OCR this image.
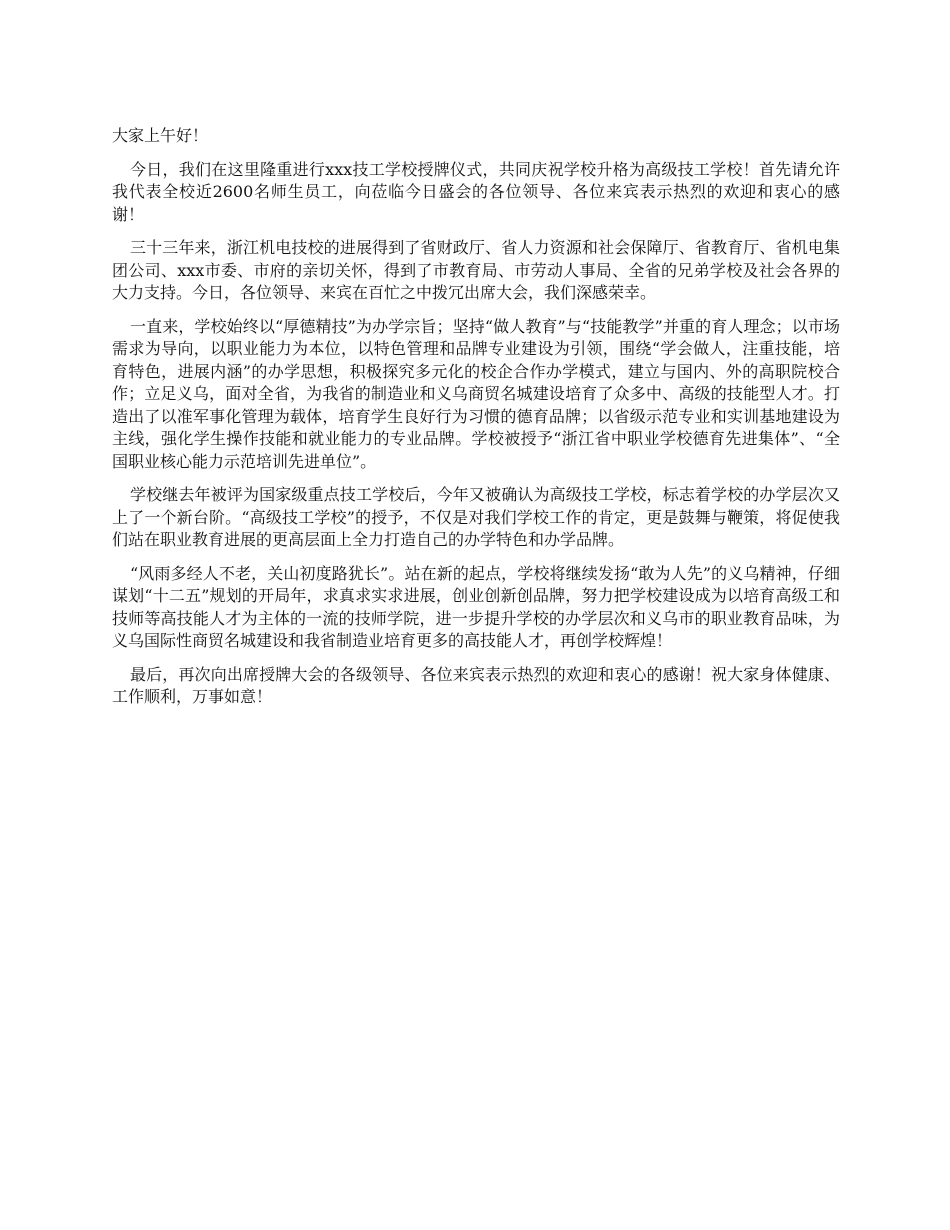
大家上午好！

今日，我们在这里隆重进行xxx技工学校授牌仪式，共同庆祝学校升格为高级技工学校！首先请允许我代表全校近2600名师生员工，向莅临今日盛会的各位领导、各位来宾表示热烈的欢迎和衷心的感谢！

三十三年来，浙江机电技校的进展得到了省财政厅、省人力资源和社会保障厅、省教育厅、省机电集团公司、xxx市委、市府的亲切关怀，得到了市教育局、市劳动人事局、全省的兄弟学校及社会各界的大力支持。今日，各位领导、来宾在百忙之中拨冗出席大会，我们深感荣幸。

一直来，学校始终以“厚德精技”为办学宗旨；坚持“做人教育”与“技能教学”并重的育人理念；以市场需求为导向，以职业能力为本位，以特色管理和品牌专业建设为引领，围绕“学会做人，注重技能，培育特色，进展内涵”的办学思想，积极探究多元化的校企合作办学模式，建立与国内、外的高职院校合作；立足义乌，面对全省，为我省的制造业和义乌商贸名城建设培育了众多中、高级的技能型人才。打造出了以准军事化管理为载体，培育学生良好行为习惯的德育品牌；以省级示范专业和实训基地建设为主线，强化学生操作技能和就业能力的专业品牌。学校被授予“浙江省中职业学校德育先进集体”、“全国职业核心能力示范培训先进单位”。

学校继去年被评为国家级重点技工学校后，今年又被确认为高级技工学校，标志着学校的办学层次又上了一个新台阶。“高级技工学校”的授予，不仅是对我们学校工作的肯定，更是鼓舞与鞭策，将促使我们站在职业教育进展的更高层面上全力打造自己的办学特色和办学品牌。

“风雨多经人不老，关山初度路犹长”。站在新的起点，学校将继续发扬“敢为人先”的义乌精神，仔细谋划“十二五”规划的开局年，求真求实求进展，创业创新创品牌，努力把学校建设成为以培育高级工和技师等高技能人才为主体的一流的技师学院，进一步提升学校的办学层次和义乌市的职业教育品味，为义乌国际性商贸名城建设和我省制造业培育更多的高技能人才，再创学校辉煌！

最后，再次向出席授牌大会的各级领导、各位来宾表示热烈的欢迎和衷心的感谢！祝大家身体健康、工作顺利，万事如意！
